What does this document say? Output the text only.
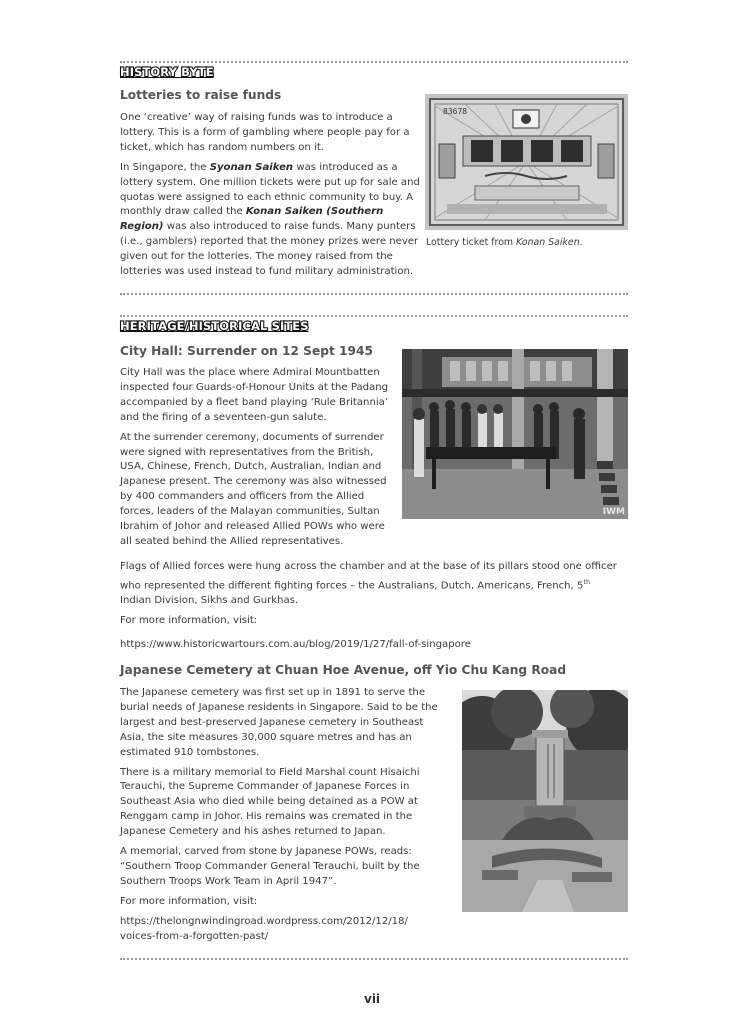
HISTORY BYTE
Lotteries to raise funds

One ‘creative’ way of raising funds was to introduce a lottery. This is a form of gambling where people pay for a ticket, which has random numbers on it.

In Singapore, the Syonan Saiken was introduced as a lottery system. One million tickets were put up for sale and quotas were assigned to each ethnic community to buy. A monthly draw called the Konan Saiken (Southern Region) was also introduced to raise funds. Many punters (i.e., gamblers) reported that the money prizes were never given out for the lotteries. The money raised from the lotteries was used instead to fund military administration.

83678
Lottery ticket from Konan Saiken.
HERITAGE/HISTORICAL SITES
City Hall: Surrender on 12 Sept 1945

City Hall was the place where Admiral Mountbatten inspected four Guards-of-Honour Units at the Padang accompanied by a fleet band playing ‘Rule Britannia’ and the firing of a seventeen-gun salute.

At the surrender ceremony, documents of surrender were signed with representatives from the British, USA, Chinese, French, Dutch, Australian, Indian and Japanese present. The ceremony was also witnessed by 400 commanders and officers from the Allied forces, leaders of the Malayan communities, Sultan Ibrahim of Johor and released Allied POWs who were all seated behind the Allied representatives.

IWM

Flags of Allied forces were hung across the chamber and at the base of its pillars stood one officer who represented the different fighting forces – the Australians, Dutch, Americans, French, 5th Indian Division, Sikhs and Gurkhas.

For more information, visit:

https://www.historicwartours.com.au/blog/2019/1/27/fall-of-singapore
Japanese Cemetery at Chuan Hoe Avenue, off Yio Chu Kang Road

The Japanese cemetery was first set up in 1891 to serve the burial needs of Japanese residents in Singapore. Said to be the largest and best-preserved Japanese cemetery in Southeast Asia, the site measures 30,000 square metres and has an estimated 910 tombstones.

There is a military memorial to Field Marshal count Hisaichi Terauchi, the Supreme Commander of Japanese Forces in Southeast Asia who died while being detained as a POW at Renggam camp in Johor. His remains was cremated in the Japanese Cemetery and his ashes returned to Japan.

A memorial, carved from stone by Japanese POWs, reads: “Southern Troop Commander General Terauchi, built by the Southern Troops Work Team in April 1947”.

For more information, visit:

https://thelongnwindingroad.wordpress.com/2012/12/18/
voices-from-a-forgotten-past/
vii
